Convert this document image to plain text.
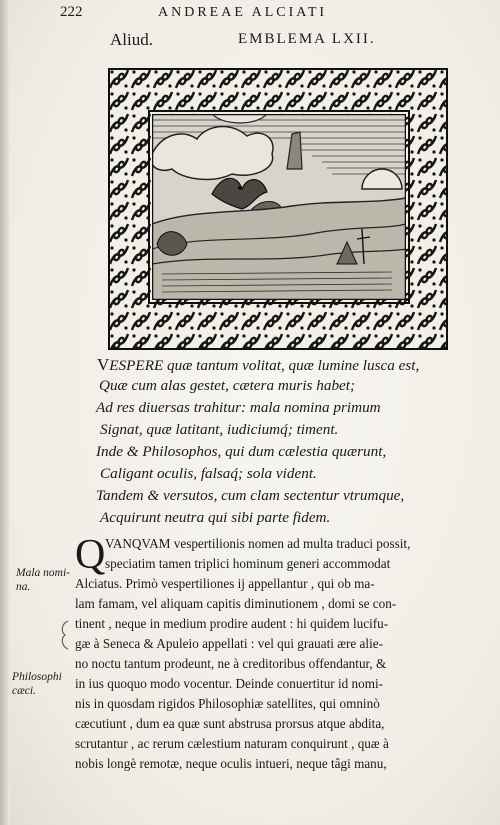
222	ANDREAE ALCIATI
Aliud.	EMBLEMA LXII.
VESPERE quæ tantum volitat, quæ lumine lusca est,
Quæ cum alas gestet, cætera muris habet;
Ad res diuersas trahitur: mala nomina primum
Signat, quæ latitant, iudiciumq́; timent.
Inde & Philosophos, qui dum cælestia quærunt,
Caligant oculis, falsaq́; sola vident.
Tandem & versutos, cum clam sectentur vtrumque,
Acquirunt neutra qui sibi parte fidem.
Q VANQVAM vespertilionis nomen ad multa traduci possit,
speciatim tamen triplici hominum generi accommodat
Alciatus. Primò vespertiliones ij appellantur , qui ob ma-
lam famam, vel aliquam capitis diminutionem , domi se con-
tinent , neque in medium prodire audent : hi quidem lucifu-
gæ à Seneca & Apuleio appellati : vel qui grauati ære alie-
no noctu tantum prodeunt, ne à creditoribus offendantur, &
in ius quoquo modo vocentur. Deinde conuertitur id nomi-
nis in quosdam rigidos Philosophiæ satellites, qui omninò
cæcutiunt , dum ea quæ sunt abstrusa prorsus atque abdita,
scrutantur , ac rerum cælestium naturam conquirunt , quæ à
nobis longè remotæ, neque oculis intueri, neque tâgi manu,
Mala nomi-
na.
Philosophi
cæci.
